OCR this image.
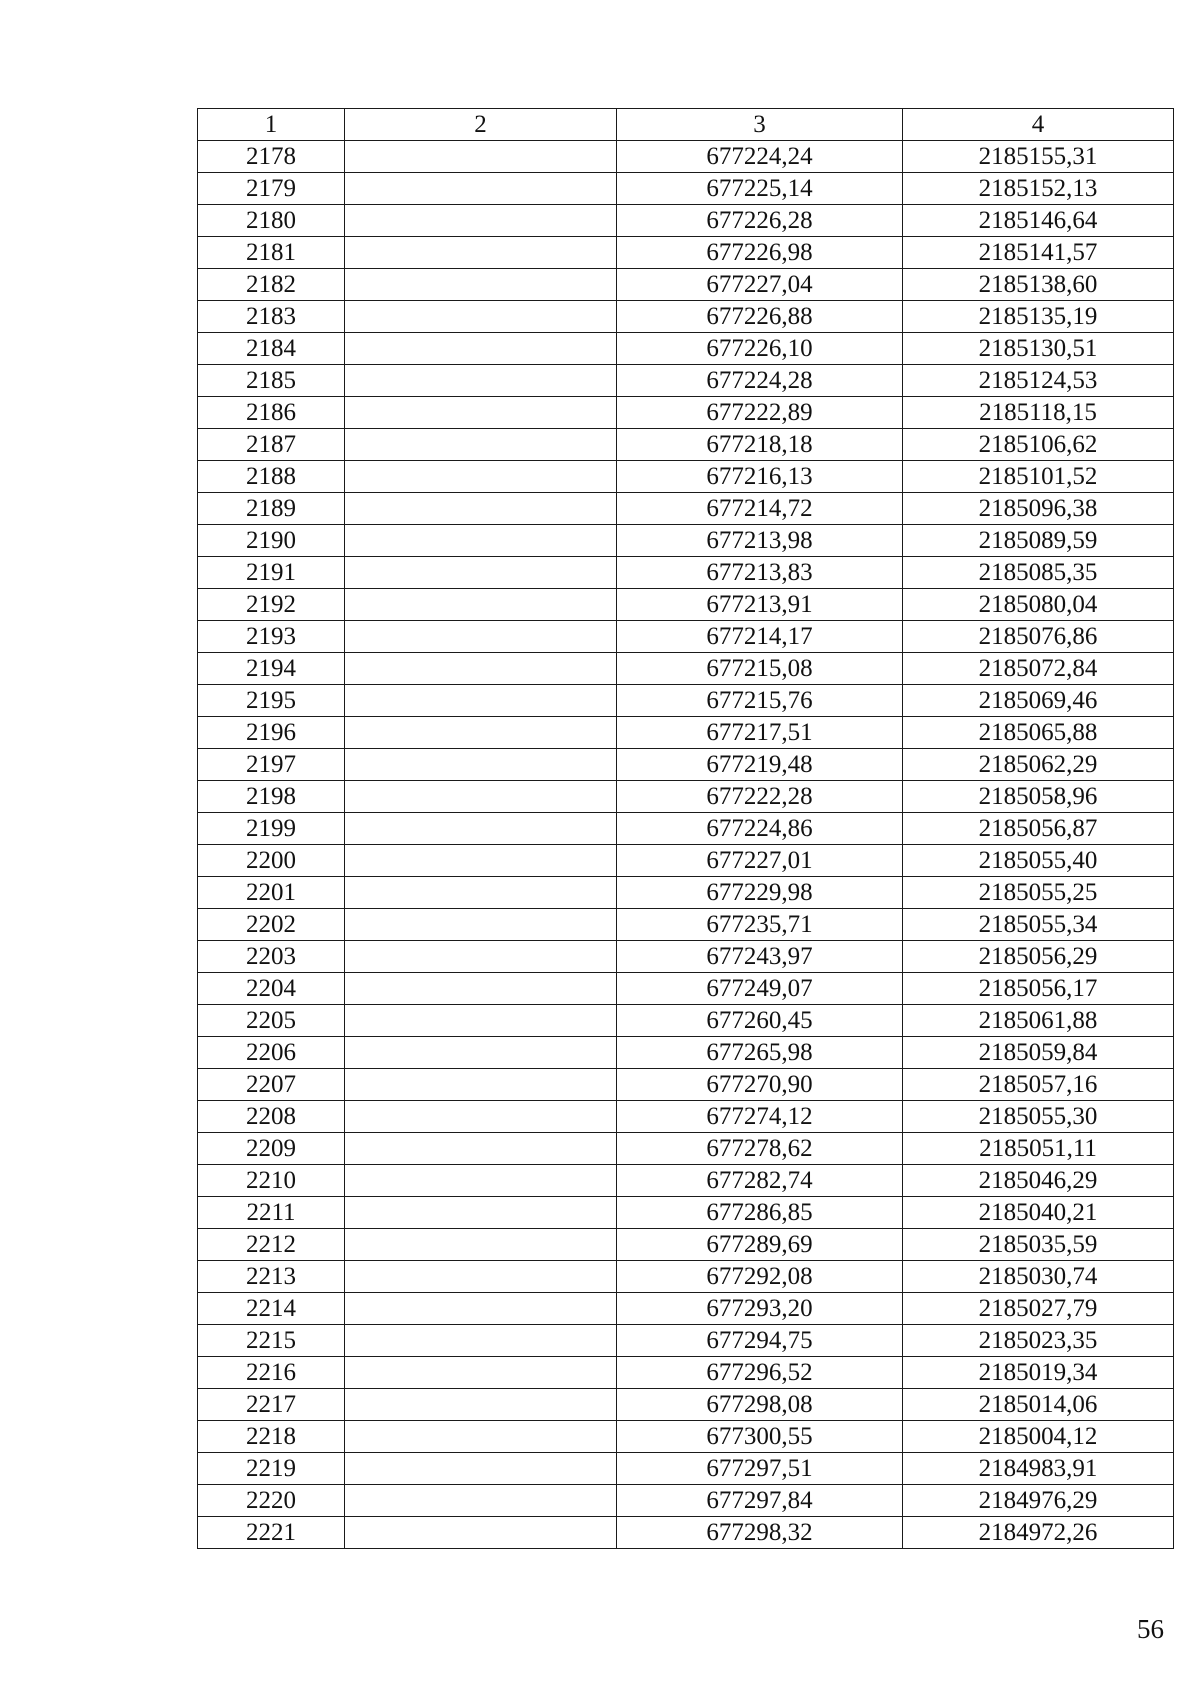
1	2	3	4
2178		677224,24	2185155,31
2179		677225,14	2185152,13
2180		677226,28	2185146,64
2181		677226,98	2185141,57
2182		677227,04	2185138,60
2183		677226,88	2185135,19
2184		677226,10	2185130,51
2185		677224,28	2185124,53
2186		677222,89	2185118,15
2187		677218,18	2185106,62
2188		677216,13	2185101,52
2189		677214,72	2185096,38
2190		677213,98	2185089,59
2191		677213,83	2185085,35
2192		677213,91	2185080,04
2193		677214,17	2185076,86
2194		677215,08	2185072,84
2195		677215,76	2185069,46
2196		677217,51	2185065,88
2197		677219,48	2185062,29
2198		677222,28	2185058,96
2199		677224,86	2185056,87
2200		677227,01	2185055,40
2201		677229,98	2185055,25
2202		677235,71	2185055,34
2203		677243,97	2185056,29
2204		677249,07	2185056,17
2205		677260,45	2185061,88
2206		677265,98	2185059,84
2207		677270,90	2185057,16
2208		677274,12	2185055,30
2209		677278,62	2185051,11
2210		677282,74	2185046,29
2211		677286,85	2185040,21
2212		677289,69	2185035,59
2213		677292,08	2185030,74
2214		677293,20	2185027,79
2215		677294,75	2185023,35
2216		677296,52	2185019,34
2217		677298,08	2185014,06
2218		677300,55	2185004,12
2219		677297,51	2184983,91
2220		677297,84	2184976,29
2221		677298,32	2184972,26
56
